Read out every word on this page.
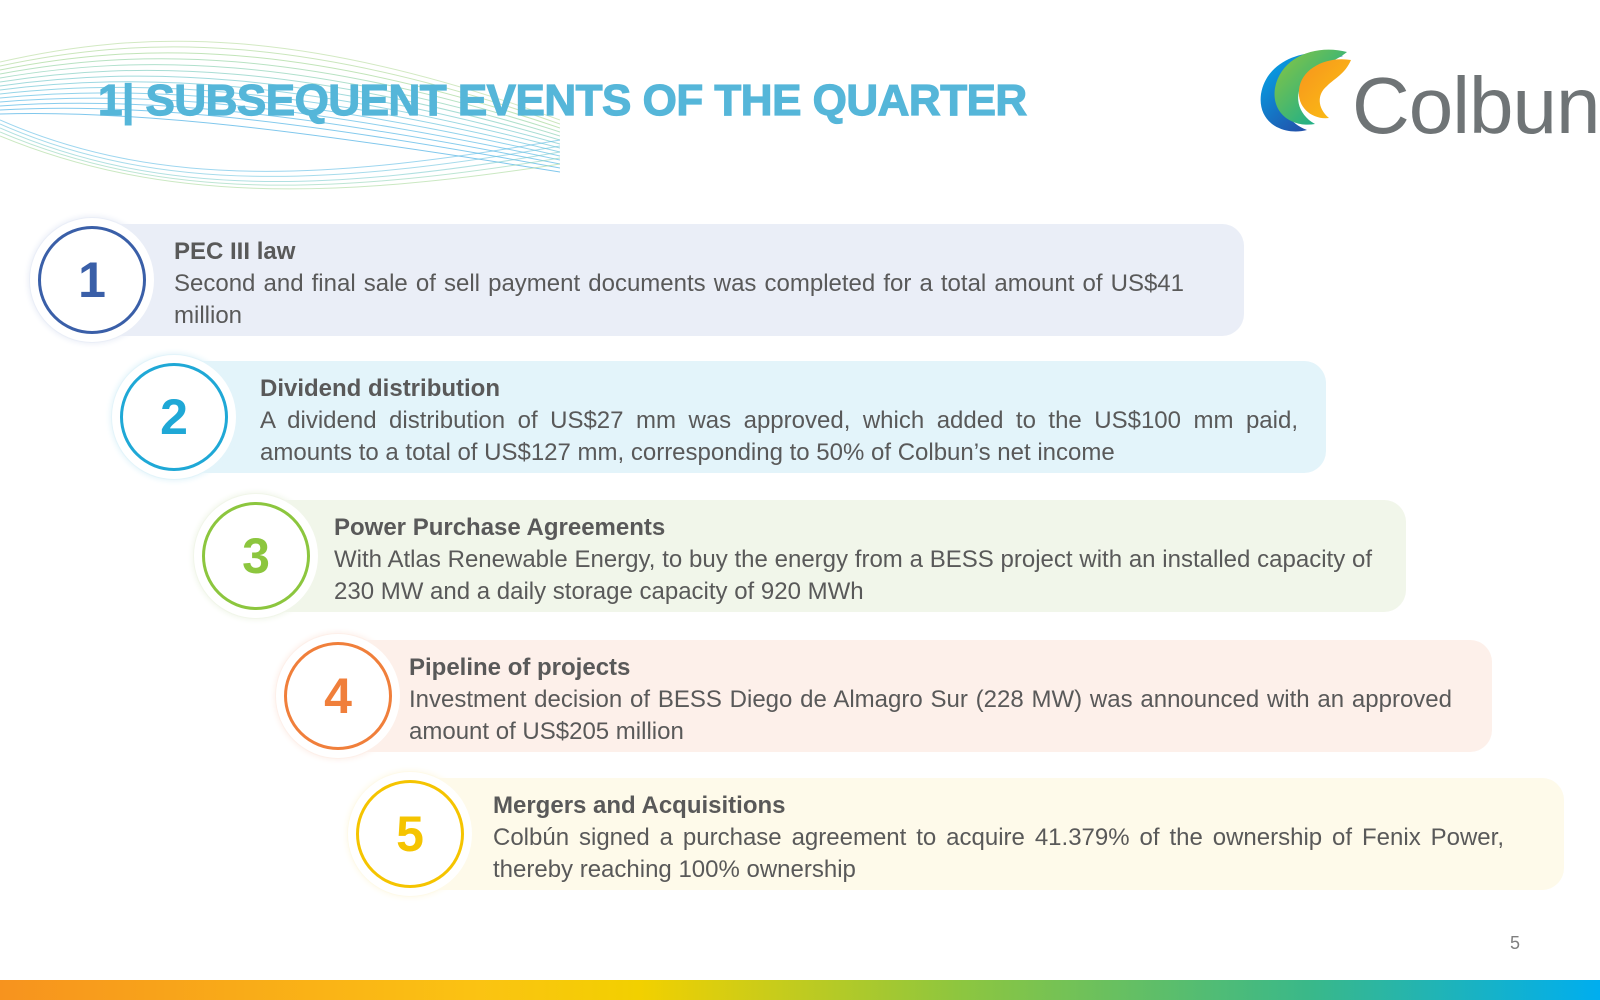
1| SUBSEQUENT EVENTS OF THE QUARTER	Colbun
1
PEC III law
Second and final sale of sell payment documents was completed for a total amount of US$41 million
2
Dividend distribution
A dividend distribution of US$27 mm was approved, which added to the US$100 mm paid, amounts to a total of US$127 mm, corresponding to 50% of Colbun’s net income
3
Power Purchase Agreements
With Atlas Renewable Energy, to buy the energy from a BESS project with an installed capacity of 230 MW and a daily storage capacity of 920 MWh
4
Pipeline of projects
Investment decision of BESS Diego de Almagro Sur (228 MW) was announced with an approved amount of US$205 million
5
Mergers and Acquisitions
Colbún signed a purchase agreement to acquire 41.379% of the ownership of Fenix Power, thereby reaching 100% ownership
5
